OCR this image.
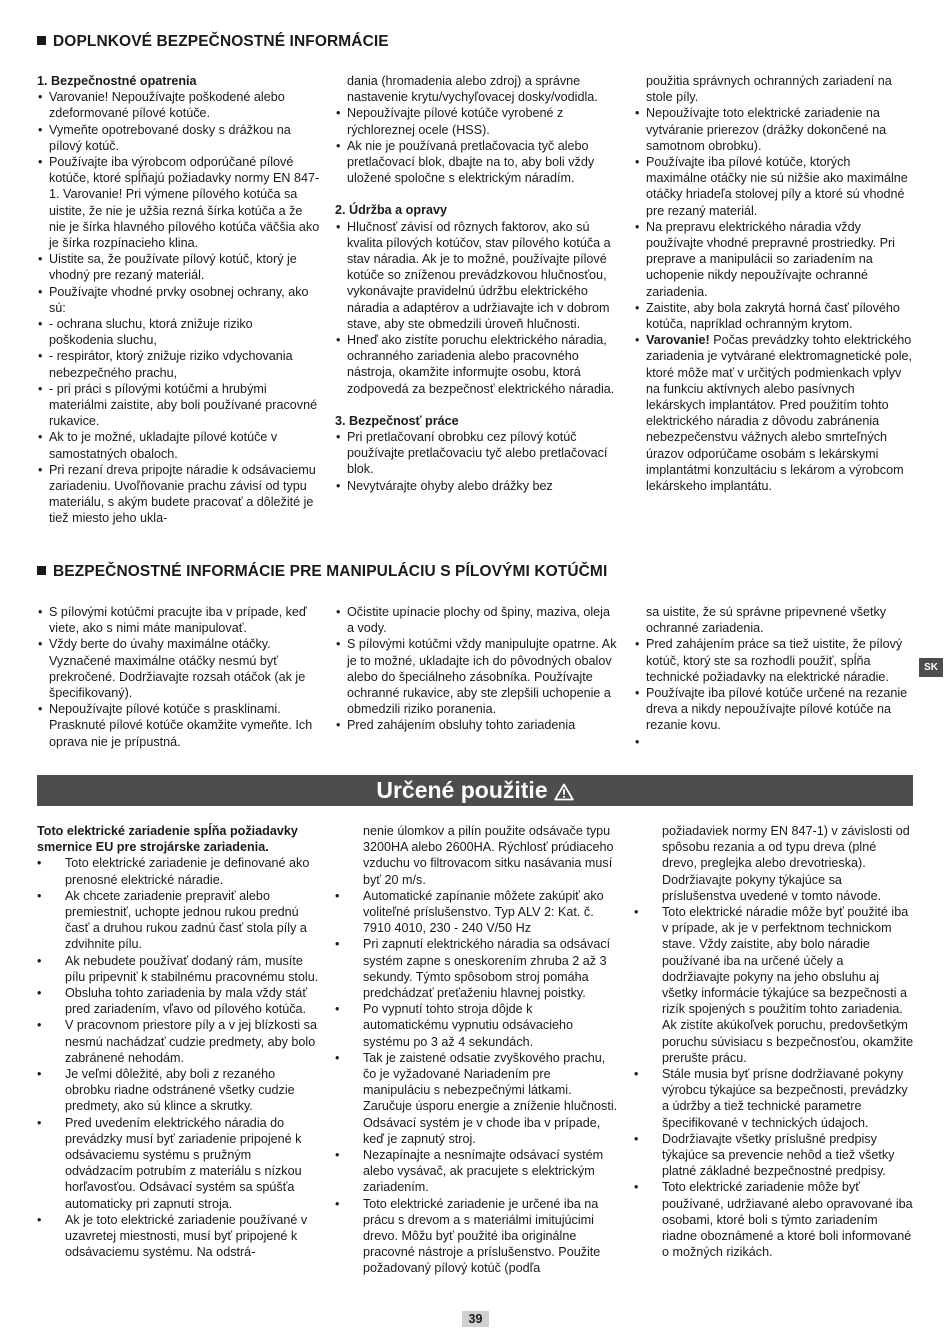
DOPLNKOVÉ BEZPEČNOSTNÉ INFORMÁCIE

1. Bezpečnostné opatrenia

• Varovanie! Nepoužívajte poškodené alebo zdeformované pílové kotúče.
• Vymeňte opotrebované dosky s drážkou na pílový kotúč.
• Používajte iba výrobcom odporúčané pílové kotúče, ktoré spĺňajú požiadavky normy EN 847-1. Varovanie! Pri výmene pílového kotúča sa uistite, že nie je užšia rezná šírka kotúča a že nie je šírka hlavného pílového kotúča väčšia ako je šírka rozpínacieho klina.
• Uistite sa, že používate pílový kotúč, ktorý je vhodný pre rezaný materiál.
• Používajte vhodné prvky osobnej ochrany, ako sú:
• - ochrana sluchu, ktorá znižuje riziko poškodenia sluchu,
• - respirátor, ktorý znižuje riziko vdychovania nebezpečného prachu,
• - pri práci s pílovými kotúčmi a hrubými materiálmi zaistite, aby boli používané pracovné rukavice.
• Ak to je možné, ukladajte pílové kotúče v samostatných obaloch.
• Pri rezaní dreva pripojte náradie k odsávaciemu zariadeniu. Uvoľňovanie prachu závisí od typu materiálu, s akým budete pracovať a dôležité je tiež miesto jeho ukla-

dania (hromadenia alebo zdroj) a správne nastavenie krytu/vychyľovacej dosky/vodidla.

• Nepoužívajte pílové kotúče vyrobené z rýchloreznej ocele (HSS).
• Ak nie je používaná pretlačovacia tyč alebo pretlačovací blok, dbajte na to, aby boli vždy uložené spoločne s elektrickým náradím.

2. Údržba a opravy

• Hlučnosť závisí od rôznych faktorov, ako sú kvalita pílových kotúčov, stav pílového kotúča a stav náradia. Ak je to možné, používajte pílové kotúče so zníženou prevádzkovou hlučnosťou, vykonávajte pravidelnú údržbu elektrického náradia a adaptérov a udržiavajte ich v dobrom stave, aby ste obmedzili úroveň hlučnosti.
• Hneď ako zistíte poruchu elektrického náradia, ochranného zariadenia alebo pracovného nástroja, okamžite informujte osobu, ktorá zodpovedá za bezpečnosť elektrického náradia.

3. Bezpečnosť práce

• Pri pretlačovaní obrobku cez pílový kotúč používajte pretlačovaciu tyč alebo pretlačovací blok.
• Nevytvárajte ohyby alebo drážky bez

použitia správnych ochranných zariadení na stole píly.

• Nepoužívajte toto elektrické zariadenie na vytváranie prierezov (drážky dokončené na samotnom obrobku).
• Používajte iba pílové kotúče, ktorých maximálne otáčky nie sú nižšie ako maximálne otáčky hriadeľa stolovej píly a ktoré sú vhodné pre rezaný materiál.
• Na prepravu elektrického náradia vždy používajte vhodné prepravné prostriedky. Pri preprave a manipulácii so zariadením na uchopenie nikdy nepoužívajte ochranné zariadenia.
• Zaistite, aby bola zakrytá horná časť pílového kotúča, napríklad ochranným krytom.
• Varovanie! Počas prevádzky tohto elektrického zariadenia je vytvárané elektromagnetické pole, ktoré môže mať v určitých podmienkach vplyv na funkciu aktívnych alebo pasívnych lekárskych implantátov. Pred použitím tohto elektrického náradia z dôvodu zabránenia nebezpečenstvu vážnych alebo smrteľných úrazov odporúčame osobám s lekárskymi implantátmi konzultáciu s lekárom a výrobcom lekárskeho implantátu.
BEZPEČNOSTNÉ INFORMÁCIE PRE MANIPULÁCIU S PÍLOVÝMI KOTÚČMI
• S pílovými kotúčmi pracujte iba v prípade, keď viete, ako s nimi máte manipulovať.
• Vždy berte do úvahy maximálne otáčky. Vyznačené maximálne otáčky nesmú byť prekročené. Dodržiavajte rozsah otáčok (ak je špecifikovaný).
• Nepoužívajte pílové kotúče s prasklinami. Prasknuté pílové kotúče okamžite vymeňte. Ich oprava nie je prípustná.
• Očistite upínacie plochy od špiny, maziva, oleja a vody.
• S pílovými kotúčmi vždy manipulujte opatrne. Ak je to možné, ukladajte ich do pôvodných obalov alebo do špeciálneho zásobníka. Používajte ochranné rukavice, aby ste zlepšili uchopenie a obmedzili riziko poranenia.
• Pred zahájením obsluhy tohto zariadenia

sa uistite, že sú správne pripevnené všetky ochranné zariadenia.

• Pred zahájením práce sa tiež uistite, že pílový kotúč, ktorý ste sa rozhodli použiť, spĺňa technické požiadavky na elektrické náradie.
• Používajte iba pílové kotúče určené na rezanie dreva a nikdy nepoužívajte pílové kotúče na rezanie kovu.
•
SK
Určené použitie

Toto elektrické zariadenie spĺňa požiadavky smernice EU pre strojárske zariadenia.

• Toto elektrické zariadenie je definované ako prenosné elektrické náradie.
• Ak chcete zariadenie prepraviť alebo premiestniť, uchopte jednou rukou prednú časť a druhou rukou zadnú časť stola píly a zdvihnite pílu.
• Ak nebudete používať dodaný rám, musíte pílu pripevniť k stabilnému pracovnému stolu.
• Obsluha tohto zariadenia by mala vždy stáť pred zariadením, vľavo od pílového kotúča.
• V pracovnom priestore píly a v jej blízkosti sa nesmú nachádzať cudzie predmety, aby bolo zabránené nehodám.
• Je veľmi dôležité, aby boli z rezaného obrobku riadne odstránené všetky cudzie predmety, ako sú klince a skrutky.
• Pred uvedením elektrického náradia do prevádzky musí byť zariadenie pripojené k odsávaciemu systému s pružným odvádzacím potrubím z materiálu s nízkou horľavosťou. Odsávací systém sa spúšťa automaticky pri zapnutí stroja.
• Ak je toto elektrické zariadenie používané v uzavretej miestnosti, musí byť pripojené k odsávaciemu systému. Na odstrá-

nenie úlomkov a pilín použite odsávače typu 3200HA alebo 2600HA. Rýchlosť prúdiaceho vzduchu vo filtrovacom sitku nasávania musí byť 20 m/s.

• Automatické zapínanie môžete zakúpiť ako voliteľné príslušenstvo. Typ ALV 2: Kat. č. 7910 4010, 230 - 240 V/50 Hz
• Pri zapnutí elektrického náradia sa odsávací systém zapne s oneskorením zhruba 2 až 3 sekundy. Týmto spôsobom stroj pomáha predchádzať preťaženiu hlavnej poistky.
• Po vypnutí tohto stroja dôjde k automatickému vypnutiu odsávacieho systému po 3 až 4 sekundách.
• Tak je zaistené odsatie zvyškového prachu, čo je vyžadované Nariadením pre manipuláciu s nebezpečnými látkami. Zaručuje úsporu energie a zníženie hlučnosti. Odsávací systém je v chode iba v prípade, keď je zapnutý stroj.
• Nezapínajte a nesnímajte odsávací systém alebo vysávač, ak pracujete s elektrickým zariadením.
• Toto elektrické zariadenie je určené iba na prácu s drevom a s materiálmi imitujúcimi drevo. Môžu byť použité iba originálne pracovné nástroje a príslušenstvo. Použite požadovaný pílový kotúč (podľa

požiadaviek normy EN 847-1) v závislosti od spôsobu rezania a od typu dreva (plné drevo, preglejka alebo drevotrieska). Dodržiavajte pokyny týkajúce sa príslušenstva uvedené v tomto návode.

• Toto elektrické náradie môže byť použité iba v prípade, ak je v perfektnom technickom stave. Vždy zaistite, aby bolo náradie používané iba na určené účely a dodržiavajte pokyny na jeho obsluhu aj všetky informácie týkajúce sa bezpečnosti a rizík spojených s použitím tohto zariadenia. Ak zistíte akúkoľvek poruchu, predovšetkým poruchu súvisiacu s bezpečnosťou, okamžite prerušte prácu.
• Stále musia byť prísne dodržiavané pokyny výrobcu týkajúce sa bezpečnosti, prevádzky a údržby a tiež technické parametre špecifikované v technických údajoch.
• Dodržiavajte všetky príslušné predpisy týkajúce sa prevencie nehôd a tiež všetky platné základné bezpečnostné predpisy.
• Toto elektrické zariadenie môže byť používané, udržiavané alebo opravované iba osobami, ktoré boli s týmto zariadením riadne oboznámené a ktoré boli informované o možných rizikách.
39
